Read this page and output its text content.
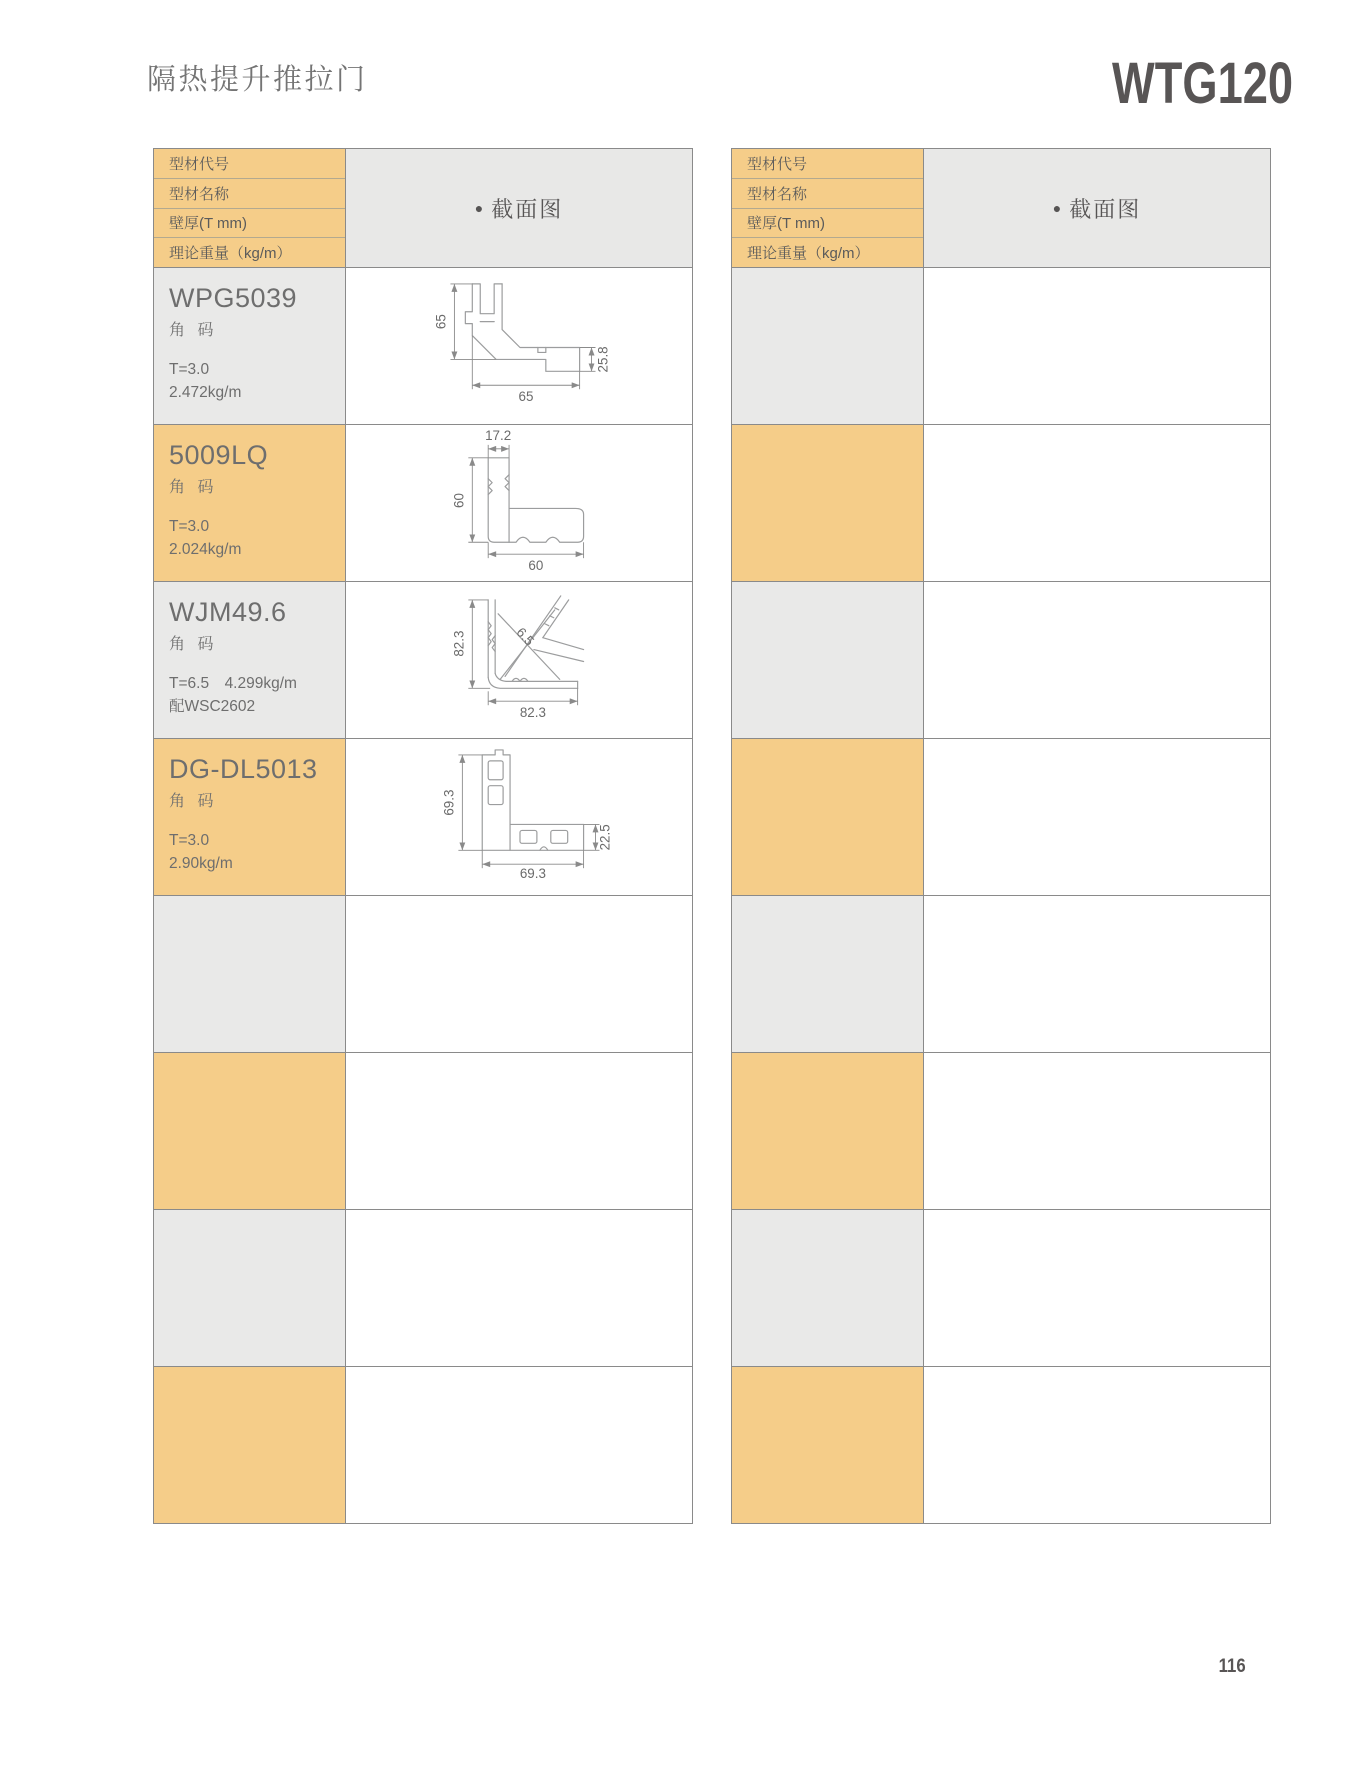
隔热提升推拉门	WTG120
型材代号
型材名称
壁厚(T mm)
理论重量（kg/m）
● 截面图
WPG5039
角 码
T=3.0
2.472kg/m
65
25.8
65
5009LQ
角 码
T=3.0
2.024kg/m
17.2
60
60
WJM49.6
角 码
T=6.5　4.299kg/m
配WSC2602
82.3	6.5
82.3
DG-DL5013
角 码
T=3.0
2.90kg/m
69.3
22.5
69.3
型材代号
型材名称
壁厚(T mm)
理论重量（kg/m）
● 截面图
116
